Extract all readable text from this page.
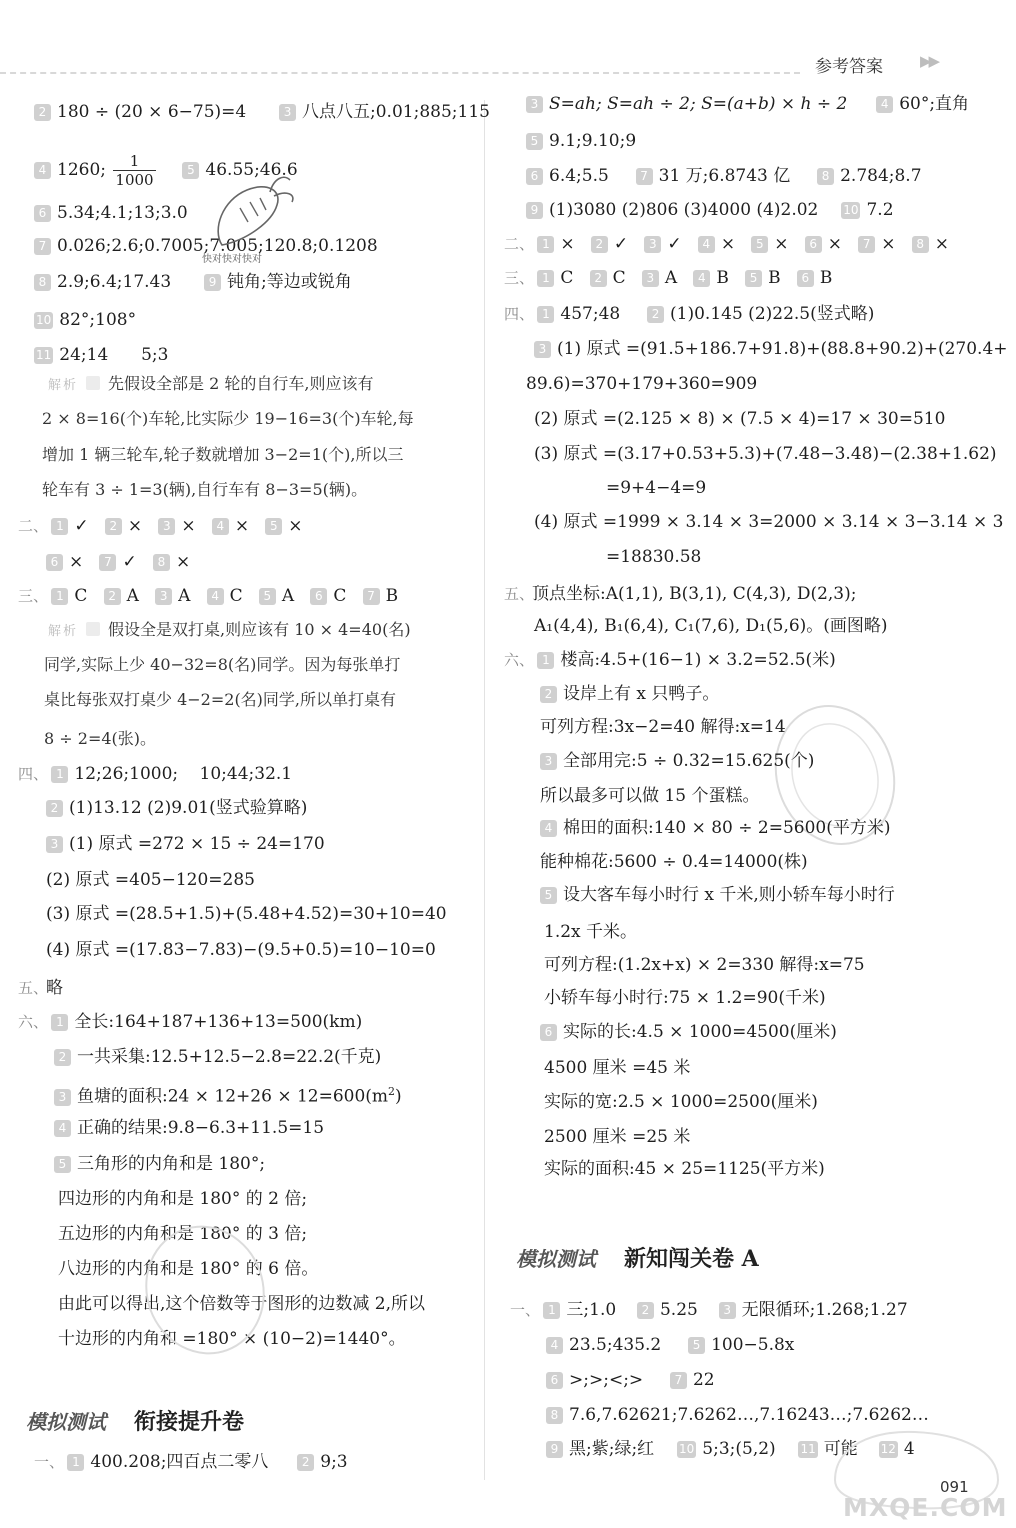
参考答案 ▶▶
2 180 ÷ (20 × 6−75)=4	3 八点八五;0.01;885;115
4 1260; $\frac{1}{1000}$	5 46.55;46.6
6 5.34;4.1;13;3.0
7 0.026;2.6;0.7005;7.005;120.8;0.1208
8 2.9;6.4;17.43	9 钝角;等边或锐角
10 82°;108°
11 24;14 5;3
解析 先假设全部是 2 轮的自行车,则应该有
2 × 8=16(个)车轮,比实际少 19−16=3(个)车轮,每
增加 1 辆三轮车,轮子数就增加 3−2=1(个),所以三
轮车有 3 ÷ 1=3(辆),自行车有 8−3=5(辆)。
二、 1 ✓ 2 × 3 × 4 × 5 ×
6 × 7 ✓ 8 ×
三、 1 C 2 A 3 A 4 C 5 A 6 C 7 B
解析 假设全是双打桌,则应该有 10 × 4=40(名)
同学,实际上少 40−32=8(名)同学。因为每张单打
桌比每张双打桌少 4−2=2(名)同学,所以单打桌有
8 ÷ 2=4(张)。
四、 1 12;26;1000; 10;44;32.1
2 (1)13.12 (2)9.01(竖式验算略)
3 (1) 原式 =272 × 15 ÷ 24=170
(2) 原式 =405−120=285
(3) 原式 =(28.5+1.5)+(5.48+4.52)=30+10=40
(4) 原式 =(17.83−7.83)−(9.5+0.5)=10−10=0
五、略
六、 1 全长:164+187+136+13=500(km)
2 一共采集:12.5+12.5−2.8=22.2(千克)
3 鱼塘的面积:24 × $12+26 \times 12=600(m^2)$
4 正确的结果:9.8−6.3+11.5=15
5 三角形的内角和是 180°;
四边形的内角和是 180° 的 2 倍;
五边形的内角和是 180° 的 3 倍;
八边形的内角和是 180° 的 6 倍。
由此可以得出,这个倍数等于图形的边数减 2,所以
十边形的内角和 =180° × (10−2)=1440°。
模拟测试 衔接提升卷
一、 1 400.208;四百点二零八	2 9;3
快对快对快对
3 S=ah; S=ah ÷ 2; S=(a+b) × h ÷ 2	4 60°;直角
5 9.1;9.10;9
6 6.4;5.5	7 31 万;6.8743 亿	8 2.784;8.7
9 (1)3080 (2)806 (3)4000 (4)2.02 10 7.2
二、 1 × 2 ✓ 3 ✓ 4 × 5 × 6 × 7 × 8 ×
三、 1 C 2 C 3 A 4 B 5 B 6 B
四、 1 457;48	2 (1)0.145 (2)22.5(竖式略)
3 (1) 原式 =(91.5+186.7+91.8)+(88.8+90.2)+(270.4+
89.6)=370+179+360=909
(2) 原式 =(2.125 × 8) × (7.5 × 4)=17 × 30=510
(3) 原式 =(3.17+0.53+5.3)+(7.48−3.48)−(2.38+1.62)
=9+4−4=9
(4) 原式 =1999 × 3.14 × 3=2000 × 3.14 × 3−3.14 × 3
=18830.58
五、顶点坐标:A(1,1), B(3,1), C(4,3), D(2,3);
A₁(4,4), B₁(6,4), C₁(7,6), D₁(5,6)。(画图略)
六、 1 楼高:4.5+(16−1) × 3.2=52.5(米)
2 设岸上有 x 只鸭子。
可列方程:3x−2=40 解得:x=14
3 全部用完:5 ÷ 0.32=15.625(个)
所以最多可以做 15 个蛋糕。
4 棉田的面积:140 × 80 ÷ 2=5600(平方米)
能种棉花:5600 ÷ 0.4=14000(株)
5 设大客车每小时行 x 千米,则小轿车每小时行
1.2x 千米。
可列方程:(1.2x+x) × 2=330 解得:x=75
小轿车每小时行:75 × 1.2=90(千米)
6 实际的长:4.5 × 1000=4500(厘米)
4500 厘米 =45 米
实际的宽:2.5 × 1000=2500(厘米)
2500 厘米 =25 米
实际的面积:45 × 25=1125(平方米)
模拟测试 新知闯关卷 A
一、 1 三;1.0 2 5.25 3 无限循环;1.268;1.27
4 23.5;435.2	5 100−5.8x
6 >;>;<;>	7 22
8 7.6,7.62621;7.6262…,7.16243…;7.6262…
9 黑;紫;绿;红 10 5;3;(5,2) 11 可能 12 4
MXQE.COM
091
